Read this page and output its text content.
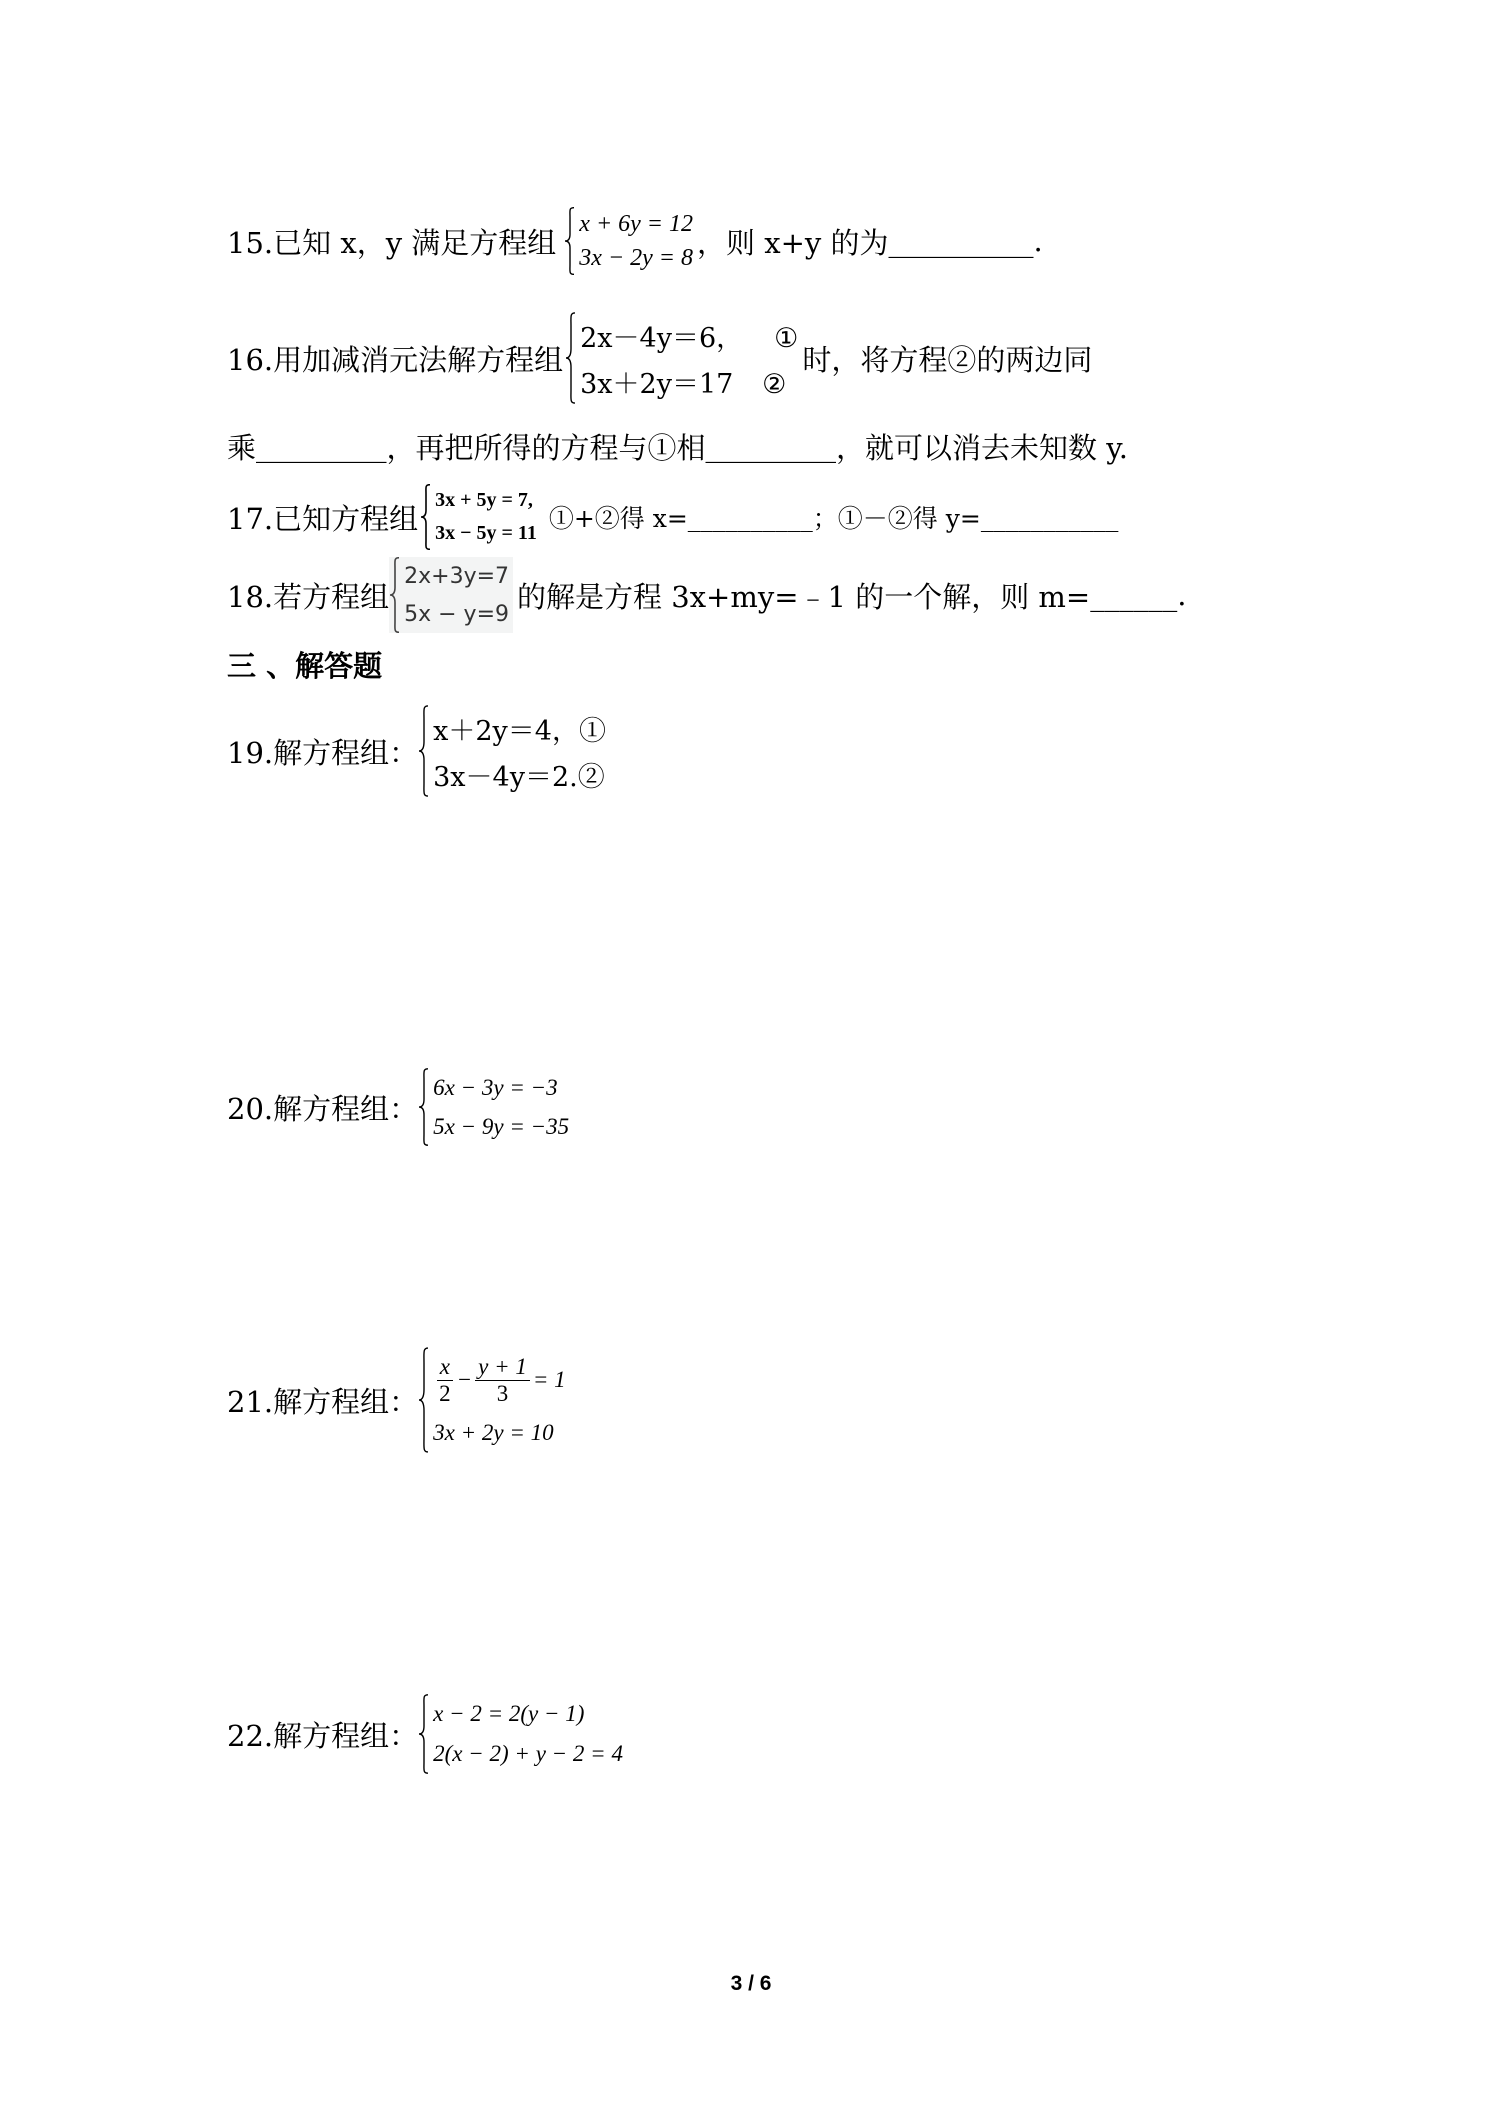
15.已知 x，y 满足方程组
x + 6y = 12
3x − 2y = 8 ，则 x+y 的为 __________ .
16.用加减消元法解方程组
2x－4y＝6， ①
3x＋2y＝17 ②
时，将方程②的两边同
乘 _________ ，再把所得的方程与①相 _________ ，就可以消去未知数 y.
17.已知方程组
3x + 5y = 7,
3x − 5y = 11 ①+②得 x= __________ ； ①－②得 y= ___________
18.若方程组
2x+3y=7
5x − y=9
的解是方程 3x+my=﹣1 的一个解，则 m= ______ .
三 、解答题
19.解方程组：
x＋2y＝4，①
3x－4y＝2.②
20.解方程组：
6x − 3y = −3
5x − 9y = −35
21.解方程组： $\frac{x}{2} - \frac{y + 1}{3} = 1$
3x + 2y = 10
22.解方程组：
x − 2 = 2(y − 1)
2(x − 2) + y − 2 = 4
3 / 6
